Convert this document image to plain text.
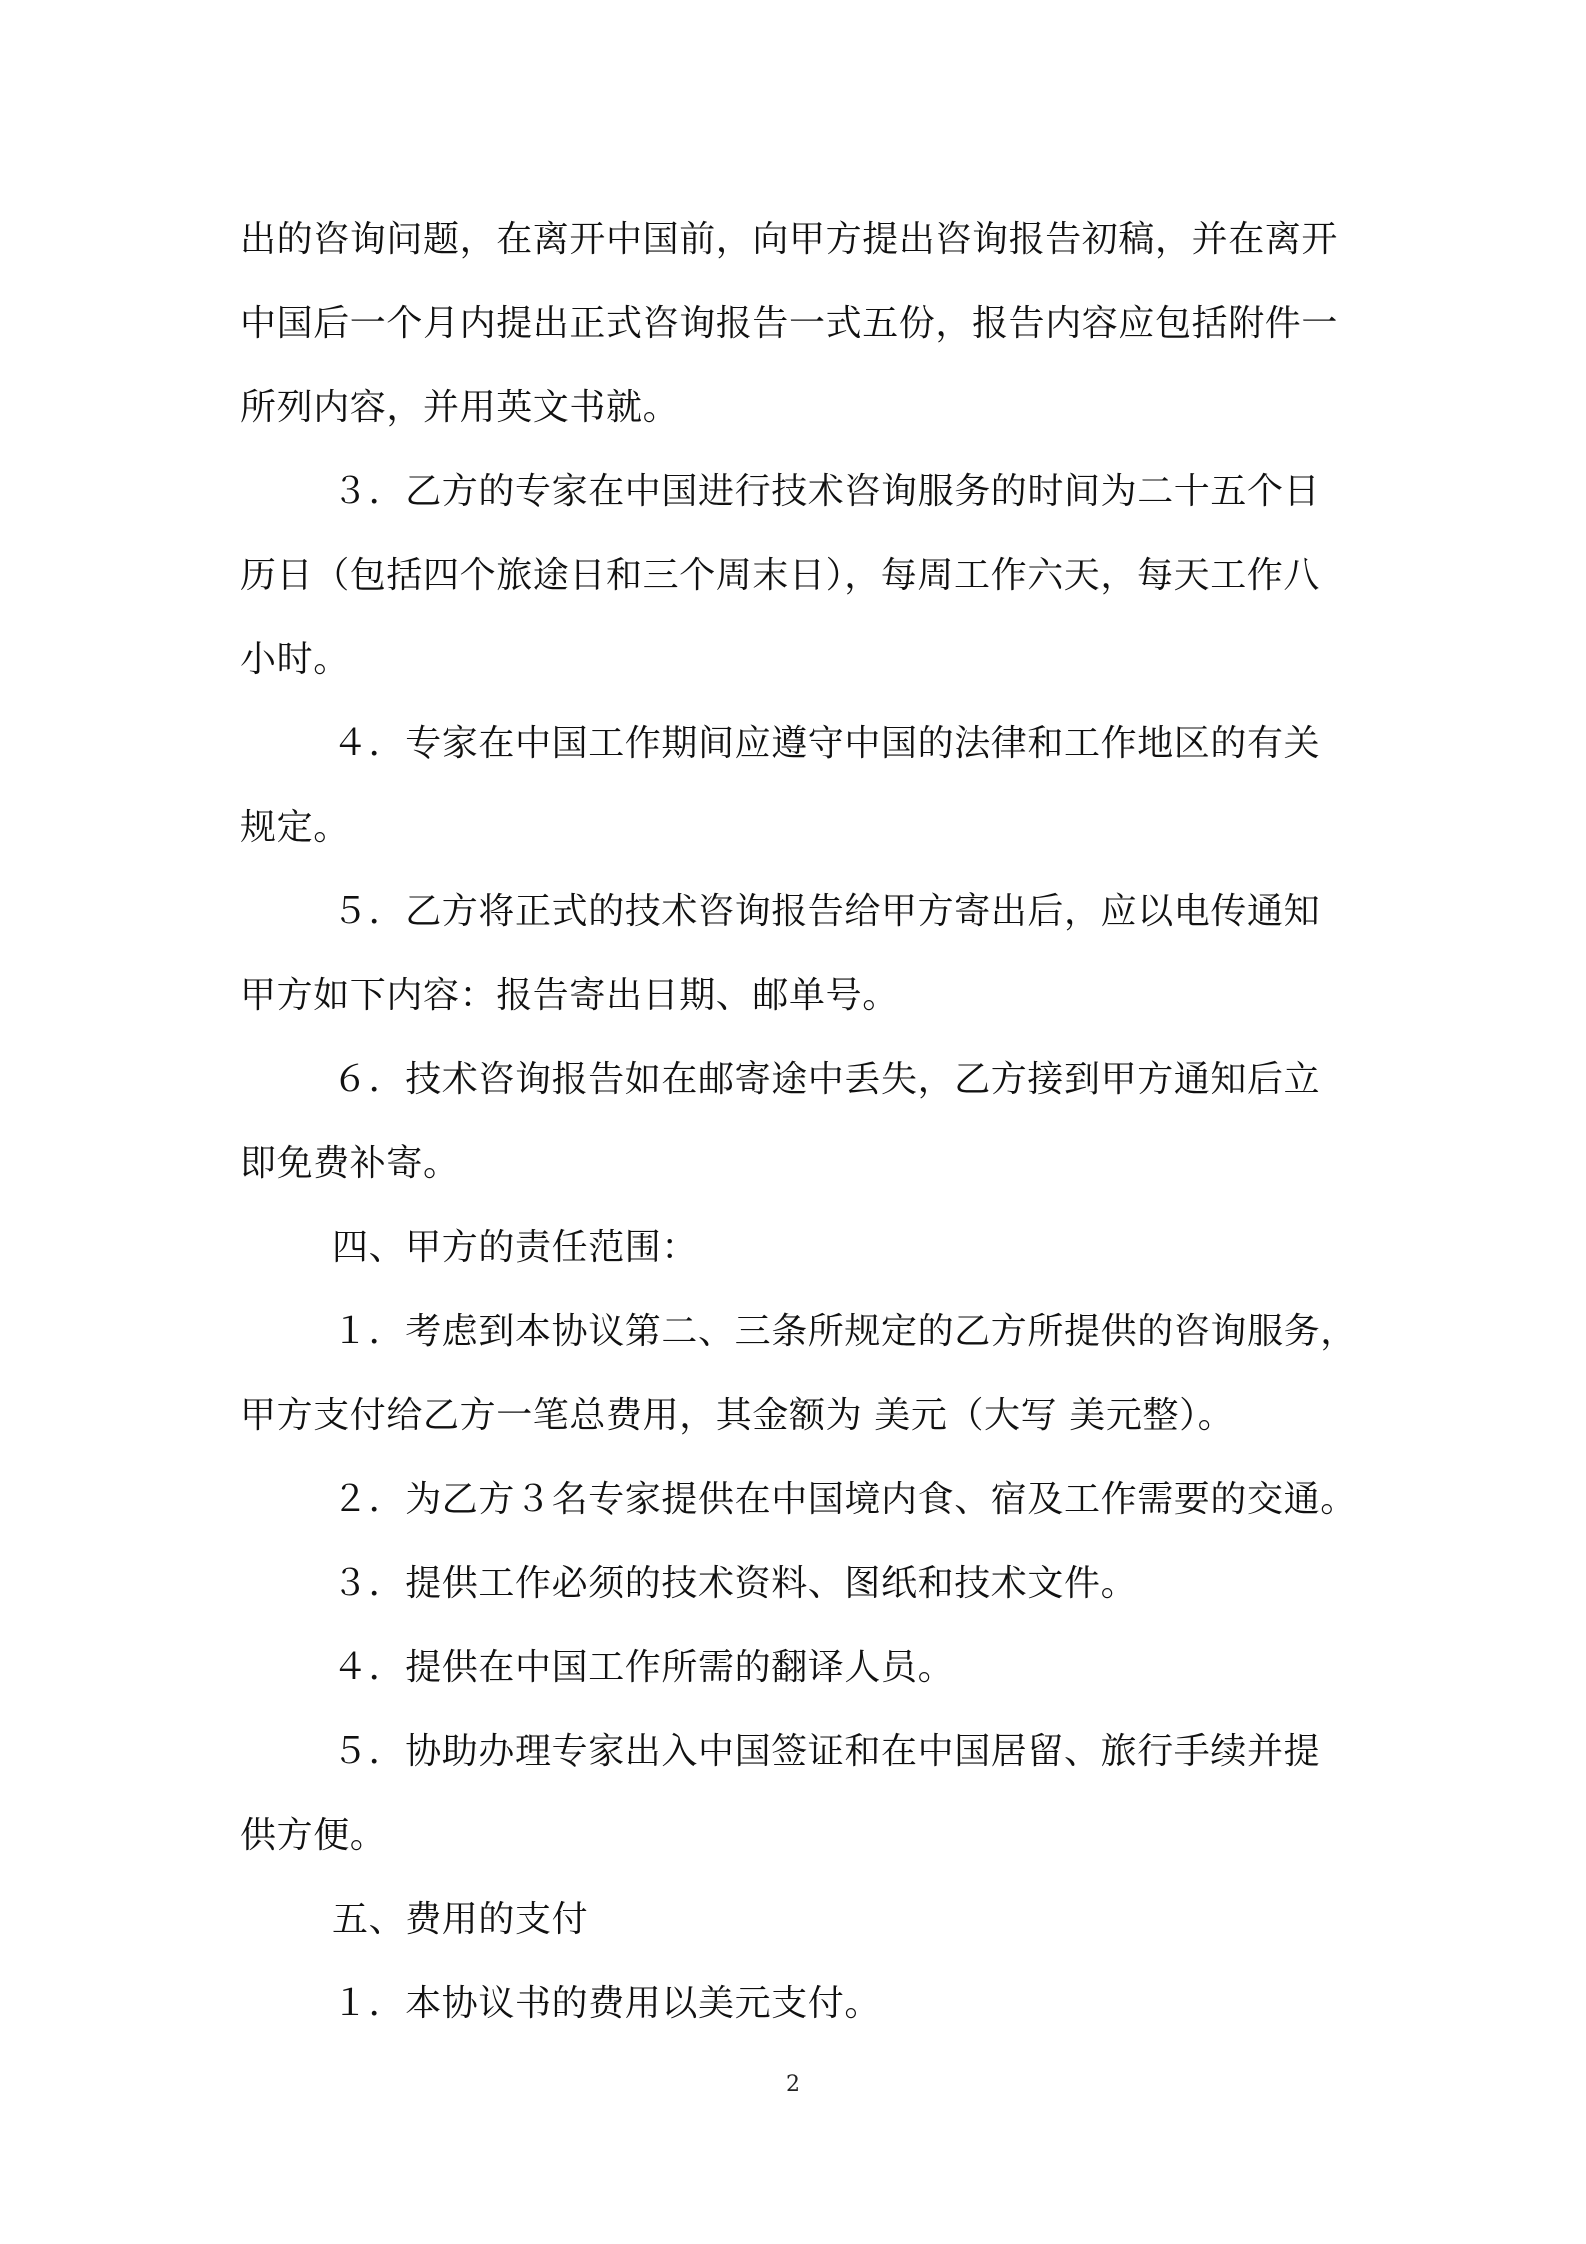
出的咨询问题，在离开中国前，向甲方提出咨询报告初稿，并在离开
中国后一个月内提出正式咨询报告一式五份，报告内容应包括附件一
所列内容，并用英文书就。
３．乙方的专家在中国进行技术咨询服务的时间为二十五个日
历日（包括四个旅途日和三个周末日），每周工作六天，每天工作八
小时。
４．专家在中国工作期间应遵守中国的法律和工作地区的有关
规定。
５．乙方将正式的技术咨询报告给甲方寄出后，应以电传通知
甲方如下内容：报告寄出日期、邮单号。
６．技术咨询报告如在邮寄途中丢失，乙方接到甲方通知后立
即免费补寄。
四、甲方的责任范围：
１．考虑到本协议第二、三条所规定的乙方所提供的咨询服务，
甲方支付给乙方一笔总费用，其金额为 美元（大写 美元整）。
２．为乙方３名专家提供在中国境内食、宿及工作需要的交通。
３．提供工作必须的技术资料、图纸和技术文件。
４．提供在中国工作所需的翻译人员。
５．协助办理专家出入中国签证和在中国居留、旅行手续并提
供方便。
五、费用的支付
１．本协议书的费用以美元支付。
2
